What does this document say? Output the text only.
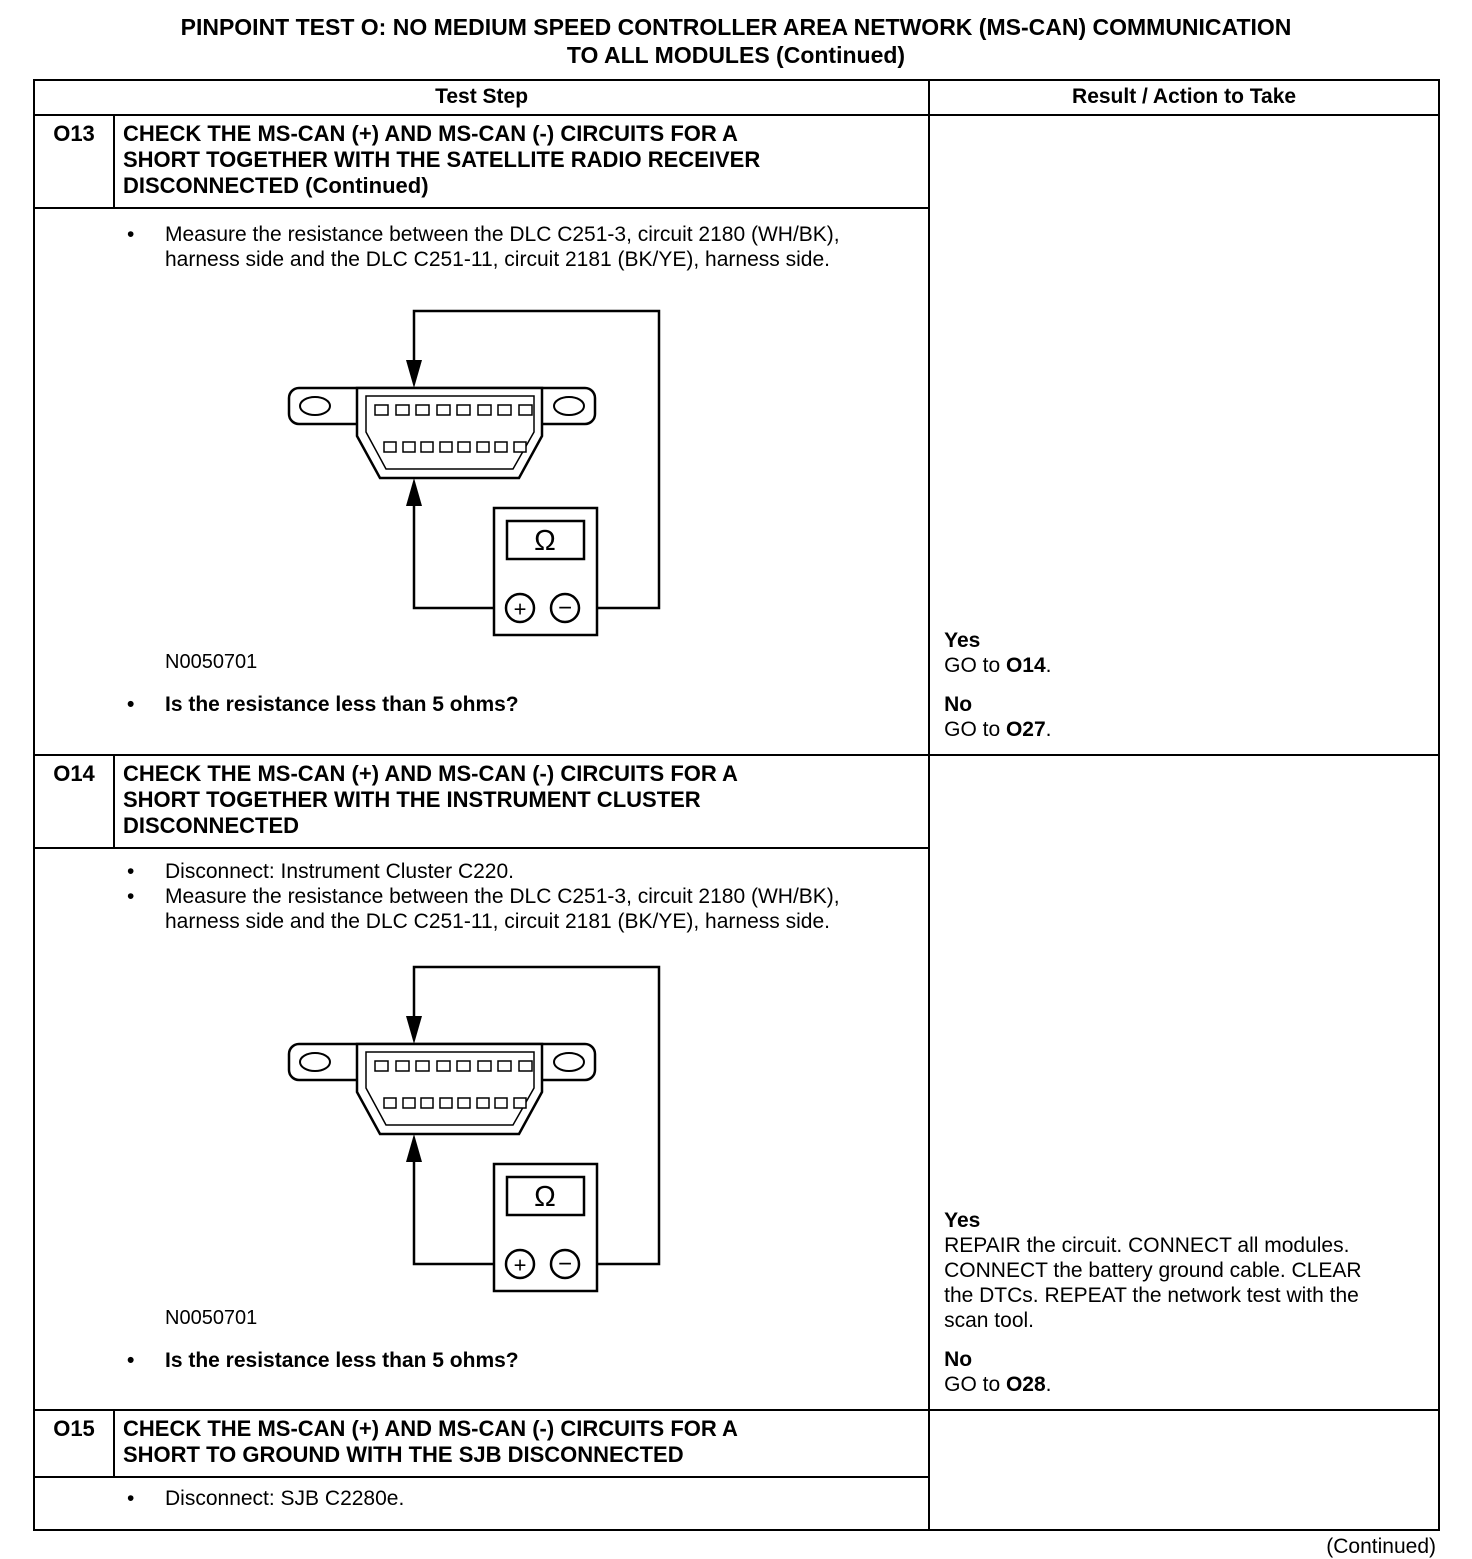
PINPOINT TEST O: NO MEDIUM SPEED CONTROLLER AREA NETWORK (MS-CAN) COMMUNICATION
TO ALL MODULES (Continued)
Test Step	Result / Action to Take
O13	CHECK THE MS-CAN (+) AND MS-CAN (-) CIRCUITS FOR A SHORT TOGETHER WITH THE SATELLITE RADIO RECEIVER DISCONNECTED (Continued)
• Measure the resistance between the DLC C251-3, circuit 2180 (WH/BK), harness side and the DLC C251-11, circuit 2181 (BK/YE), harness side.
N0050701
• Is the resistance less than 5 ohms?
Yes
GO to O14.
No
GO to O27.
O14	CHECK THE MS-CAN (+) AND MS-CAN (-) CIRCUITS FOR A SHORT TOGETHER WITH THE INSTRUMENT CLUSTER DISCONNECTED
• Disconnect: Instrument Cluster C220.
• Measure the resistance between the DLC C251-3, circuit 2180 (WH/BK), harness side and the DLC C251-11, circuit 2181 (BK/YE), harness side.
N0050701
• Is the resistance less than 5 ohms?
Yes
REPAIR the circuit. CONNECT all modules. CONNECT the battery ground cable. CLEAR the DTCs. REPEAT the network test with the scan tool.
No
GO to O28.
O15	CHECK THE MS-CAN (+) AND MS-CAN (-) CIRCUITS FOR A SHORT TO GROUND WITH THE SJB DISCONNECTED
• Disconnect: SJB C2280e.
(Continued)
